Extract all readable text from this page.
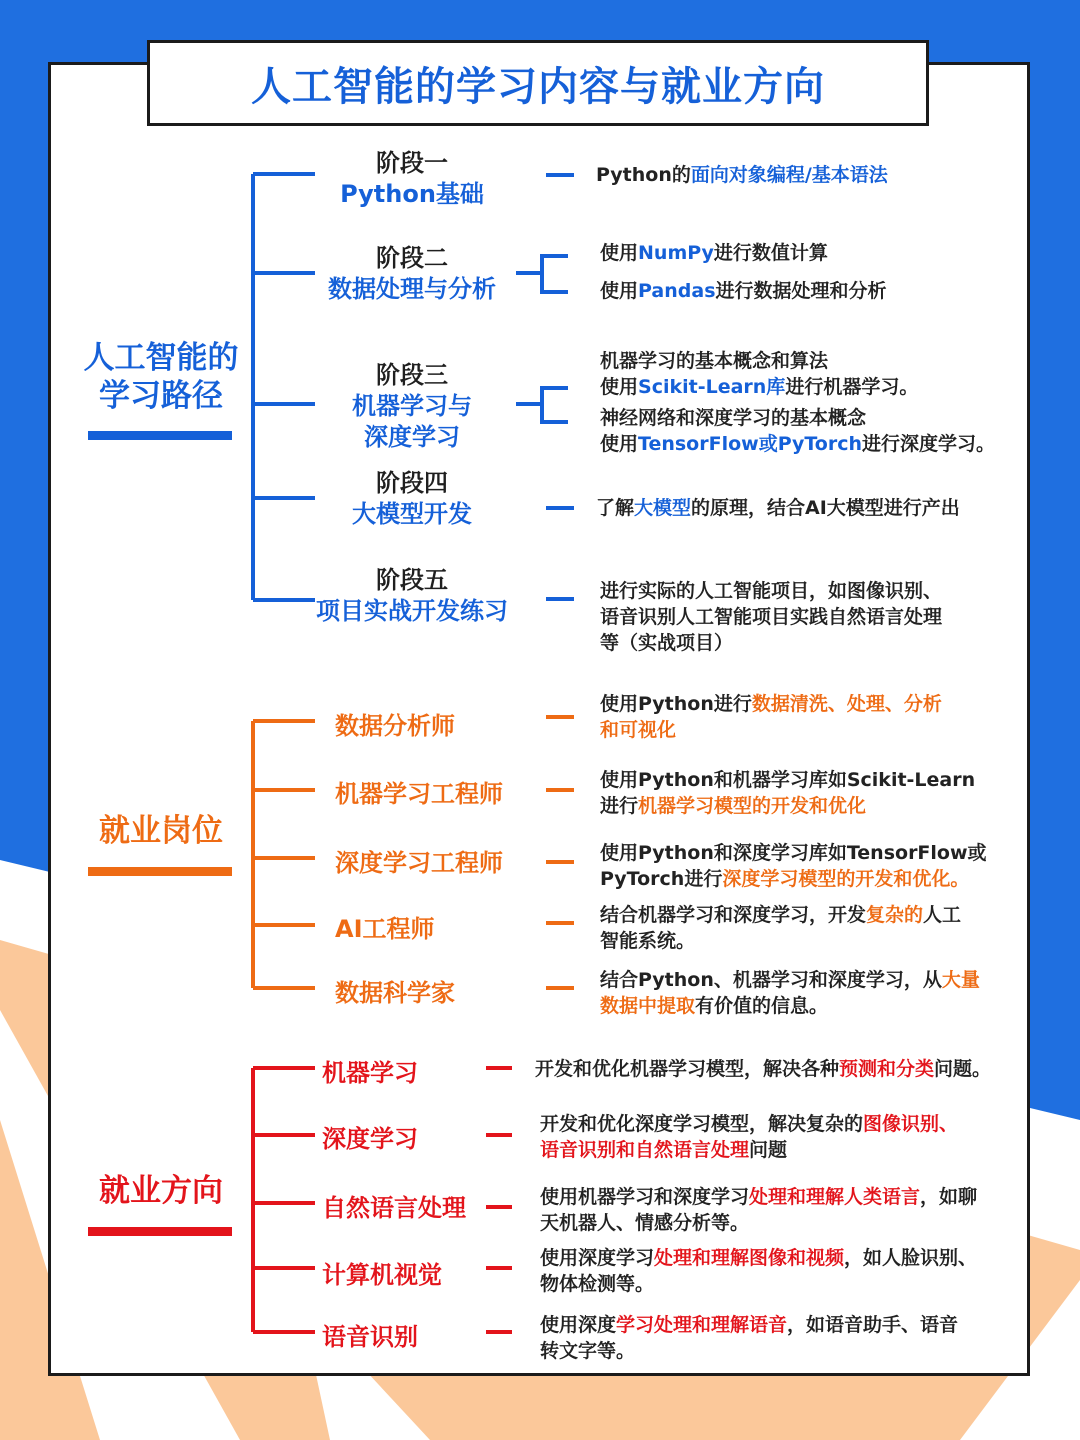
人工智能的学习内容与就业方向
人工智能的
学习路径
就业岗位
就业方向
阶段一
Python基础
阶段二
数据处理与分析
阶段三
机器学习与
深度学习
阶段四
大模型开发
阶段五
项目实战开发练习
Python的面向对象编程/基本语法
使用NumPy进行数值计算
使用Pandas进行数据处理和分析
机器学习的基本概念和算法
使用Scikit-Learn库进行机器学习。
神经网络和深度学习的基本概念
使用TensorFlow或PyTorch进行深度学习。
了解大模型的原理，结合AI大模型进行产出
进行实际的人工智能项目，如图像识别、
语音识别人工智能项目实践自然语言处理
等（实战项目）
数据分析师
机器学习工程师
深度学习工程师
AI工程师
数据科学家
使用Python进行数据清洗、处理、分析
和可视化
使用Python和机器学习库如Scikit-Learn
进行机器学习模型的开发和优化
使用Python和深度学习库如TensorFlow或
PyTorch进行深度学习模型的开发和优化。
结合机器学习和深度学习，开发复杂的人工
智能系统。
结合Python、机器学习和深度学习，从大量
数据中提取有价值的信息。
机器学习
深度学习
自然语言处理
计算机视觉
语音识别
开发和优化机器学习模型，解决各种预测和分类问题。
开发和优化深度学习模型，解决复杂的图像识别、
语音识别和自然语言处理问题
使用机器学习和深度学习处理和理解人类语言，如聊
天机器人、情感分析等。
使用深度学习处理和理解图像和视频，如人脸识别、
物体检测等。
使用深度学习处理和理解语音，如语音助手、语音
转文字等。
